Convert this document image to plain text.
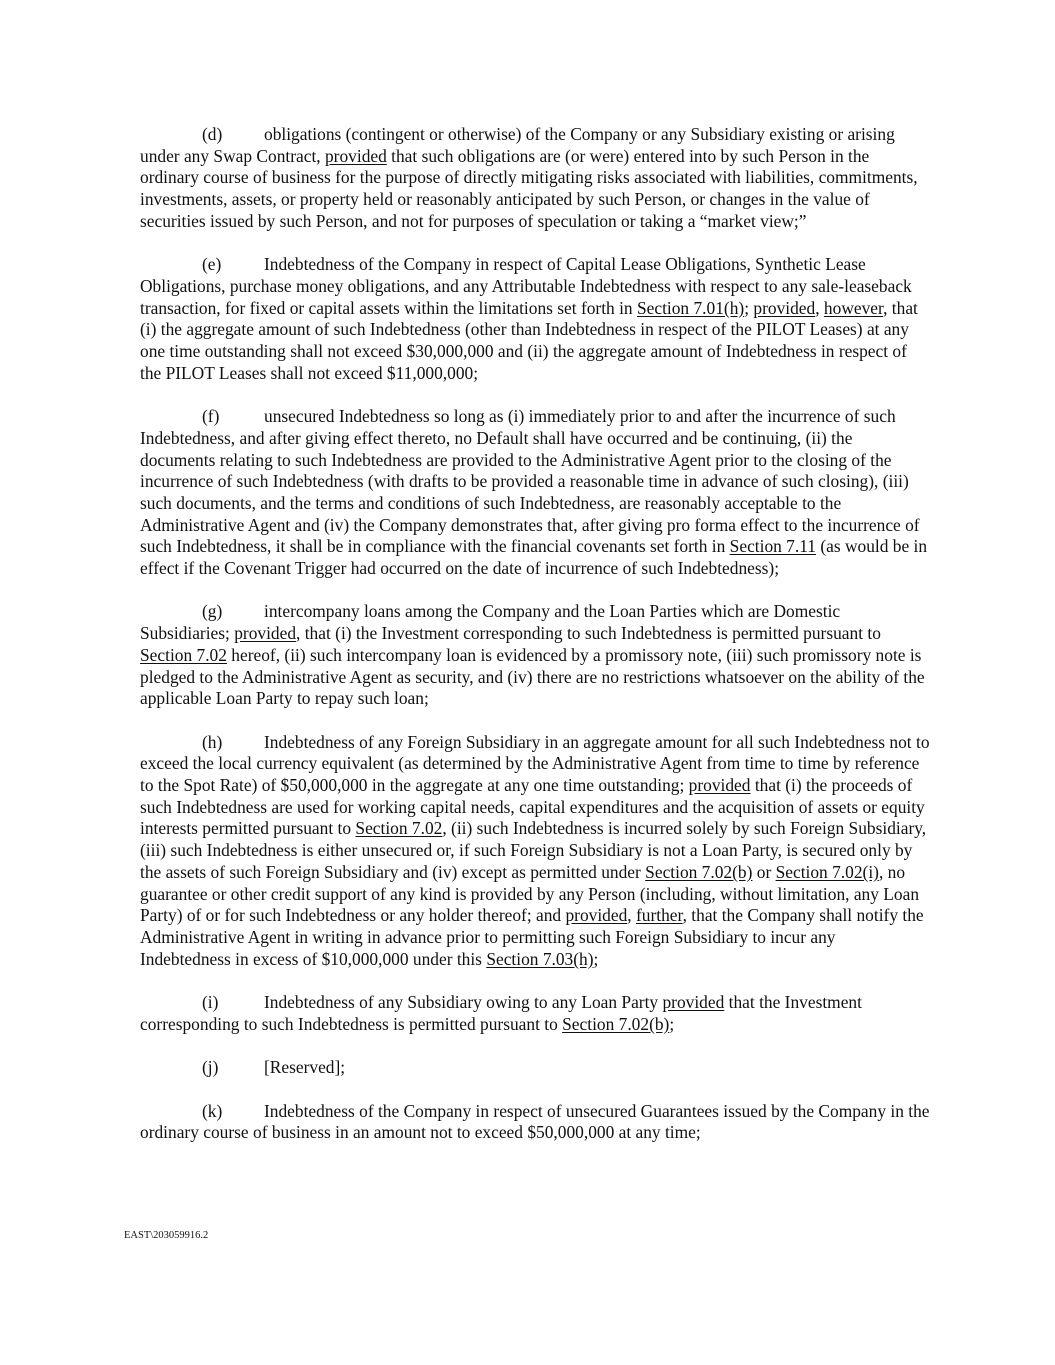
(d) obligations (contingent or otherwise) of the Company or any Subsidiary existing or arising under any Swap Contract, provided that such obligations are (or were) entered into by such Person in the ordinary course of business for the purpose of directly mitigating risks associated with liabilities, commitments, investments, assets, or property held or reasonably anticipated by such Person, or changes in the value of securities issued by such Person, and not for purposes of speculation or taking a “market view;”

(e) Indebtedness of the Company in respect of Capital Lease Obligations, Synthetic Lease Obligations, purchase money obligations, and any Attributable Indebtedness with respect to any sale-leaseback transaction, for fixed or capital assets within the limitations set forth in Section 7.01(h); provided, however, that (i) the aggregate amount of such Indebtedness (other than Indebtedness in respect of the PILOT Leases) at any one time outstanding shall not exceed $30,000,000 and (ii) the aggregate amount of Indebtedness in respect of the PILOT Leases shall not exceed $11,000,000;

(f)	unsecured Indebtedness so long as (i) immediately prior to and after the incurrence of such Indebtedness, and after giving effect thereto, no Default shall have occurred and be continuing, (ii) the documents relating to such Indebtedness are provided to the Administrative Agent prior to the closing of the incurrence of such Indebtedness (with drafts to be provided a reasonable time in advance of such closing), (iii) such documents, and the terms and conditions of such Indebtedness, are reasonably acceptable to the Administrative Agent and (iv) the Company demonstrates that, after giving pro forma effect to the incurrence of such Indebtedness, it shall be in compliance with the financial covenants set forth in Section 7.11 (as would be in effect if the Covenant Trigger had occurred on the date of incurrence of such Indebtedness);

(g) intercompany loans among the Company and the Loan Parties which are Domestic Subsidiaries; provided, that (i) the Investment corresponding to such Indebtedness is permitted pursuant to Section 7.02 hereof, (ii) such intercompany loan is evidenced by a promissory note, (iii) such promissory note is pledged to the Administrative Agent as security, and (iv) there are no restrictions whatsoever on the ability of the applicable Loan Party to repay such loan;

(h) Indebtedness of any Foreign Subsidiary in an aggregate amount for all such Indebtedness not to exceed the local currency equivalent (as determined by the Administrative Agent from time to time by reference to the Spot Rate) of $50,000,000 in the aggregate at any one time outstanding; provided that (i) the proceeds of such Indebtedness are used for working capital needs, capital expenditures and the acquisition of assets or equity interests permitted pursuant to Section 7.02, (ii) such Indebtedness is incurred solely by such Foreign Subsidiary, (iii) such Indebtedness is either unsecured or, if such Foreign Subsidiary is not a Loan Party, is secured only by the assets of such Foreign Subsidiary and (iv) except as permitted under Section 7.02(b) or Section 7.02(i), no guarantee or other credit support of any kind is provided by any Person (including, without limitation, any Loan Party) of or for such Indebtedness or any holder thereof; and provided, further, that the Company shall notify the Administrative Agent in writing in advance prior to permitting such Foreign Subsidiary to incur any Indebtedness in excess of $10,000,000 under this Section 7.03(h);

(i)	Indebtedness of any Subsidiary owing to any Loan Party provided that the Investment corresponding to such Indebtedness is permitted pursuant to Section 7.02(b);

(j)	[Reserved];

(k) Indebtedness of the Company in respect of unsecured Guarantees issued by the Company in the ordinary course of business in an amount not to exceed $50,000,000 at any time;

EAST\203059916.2
